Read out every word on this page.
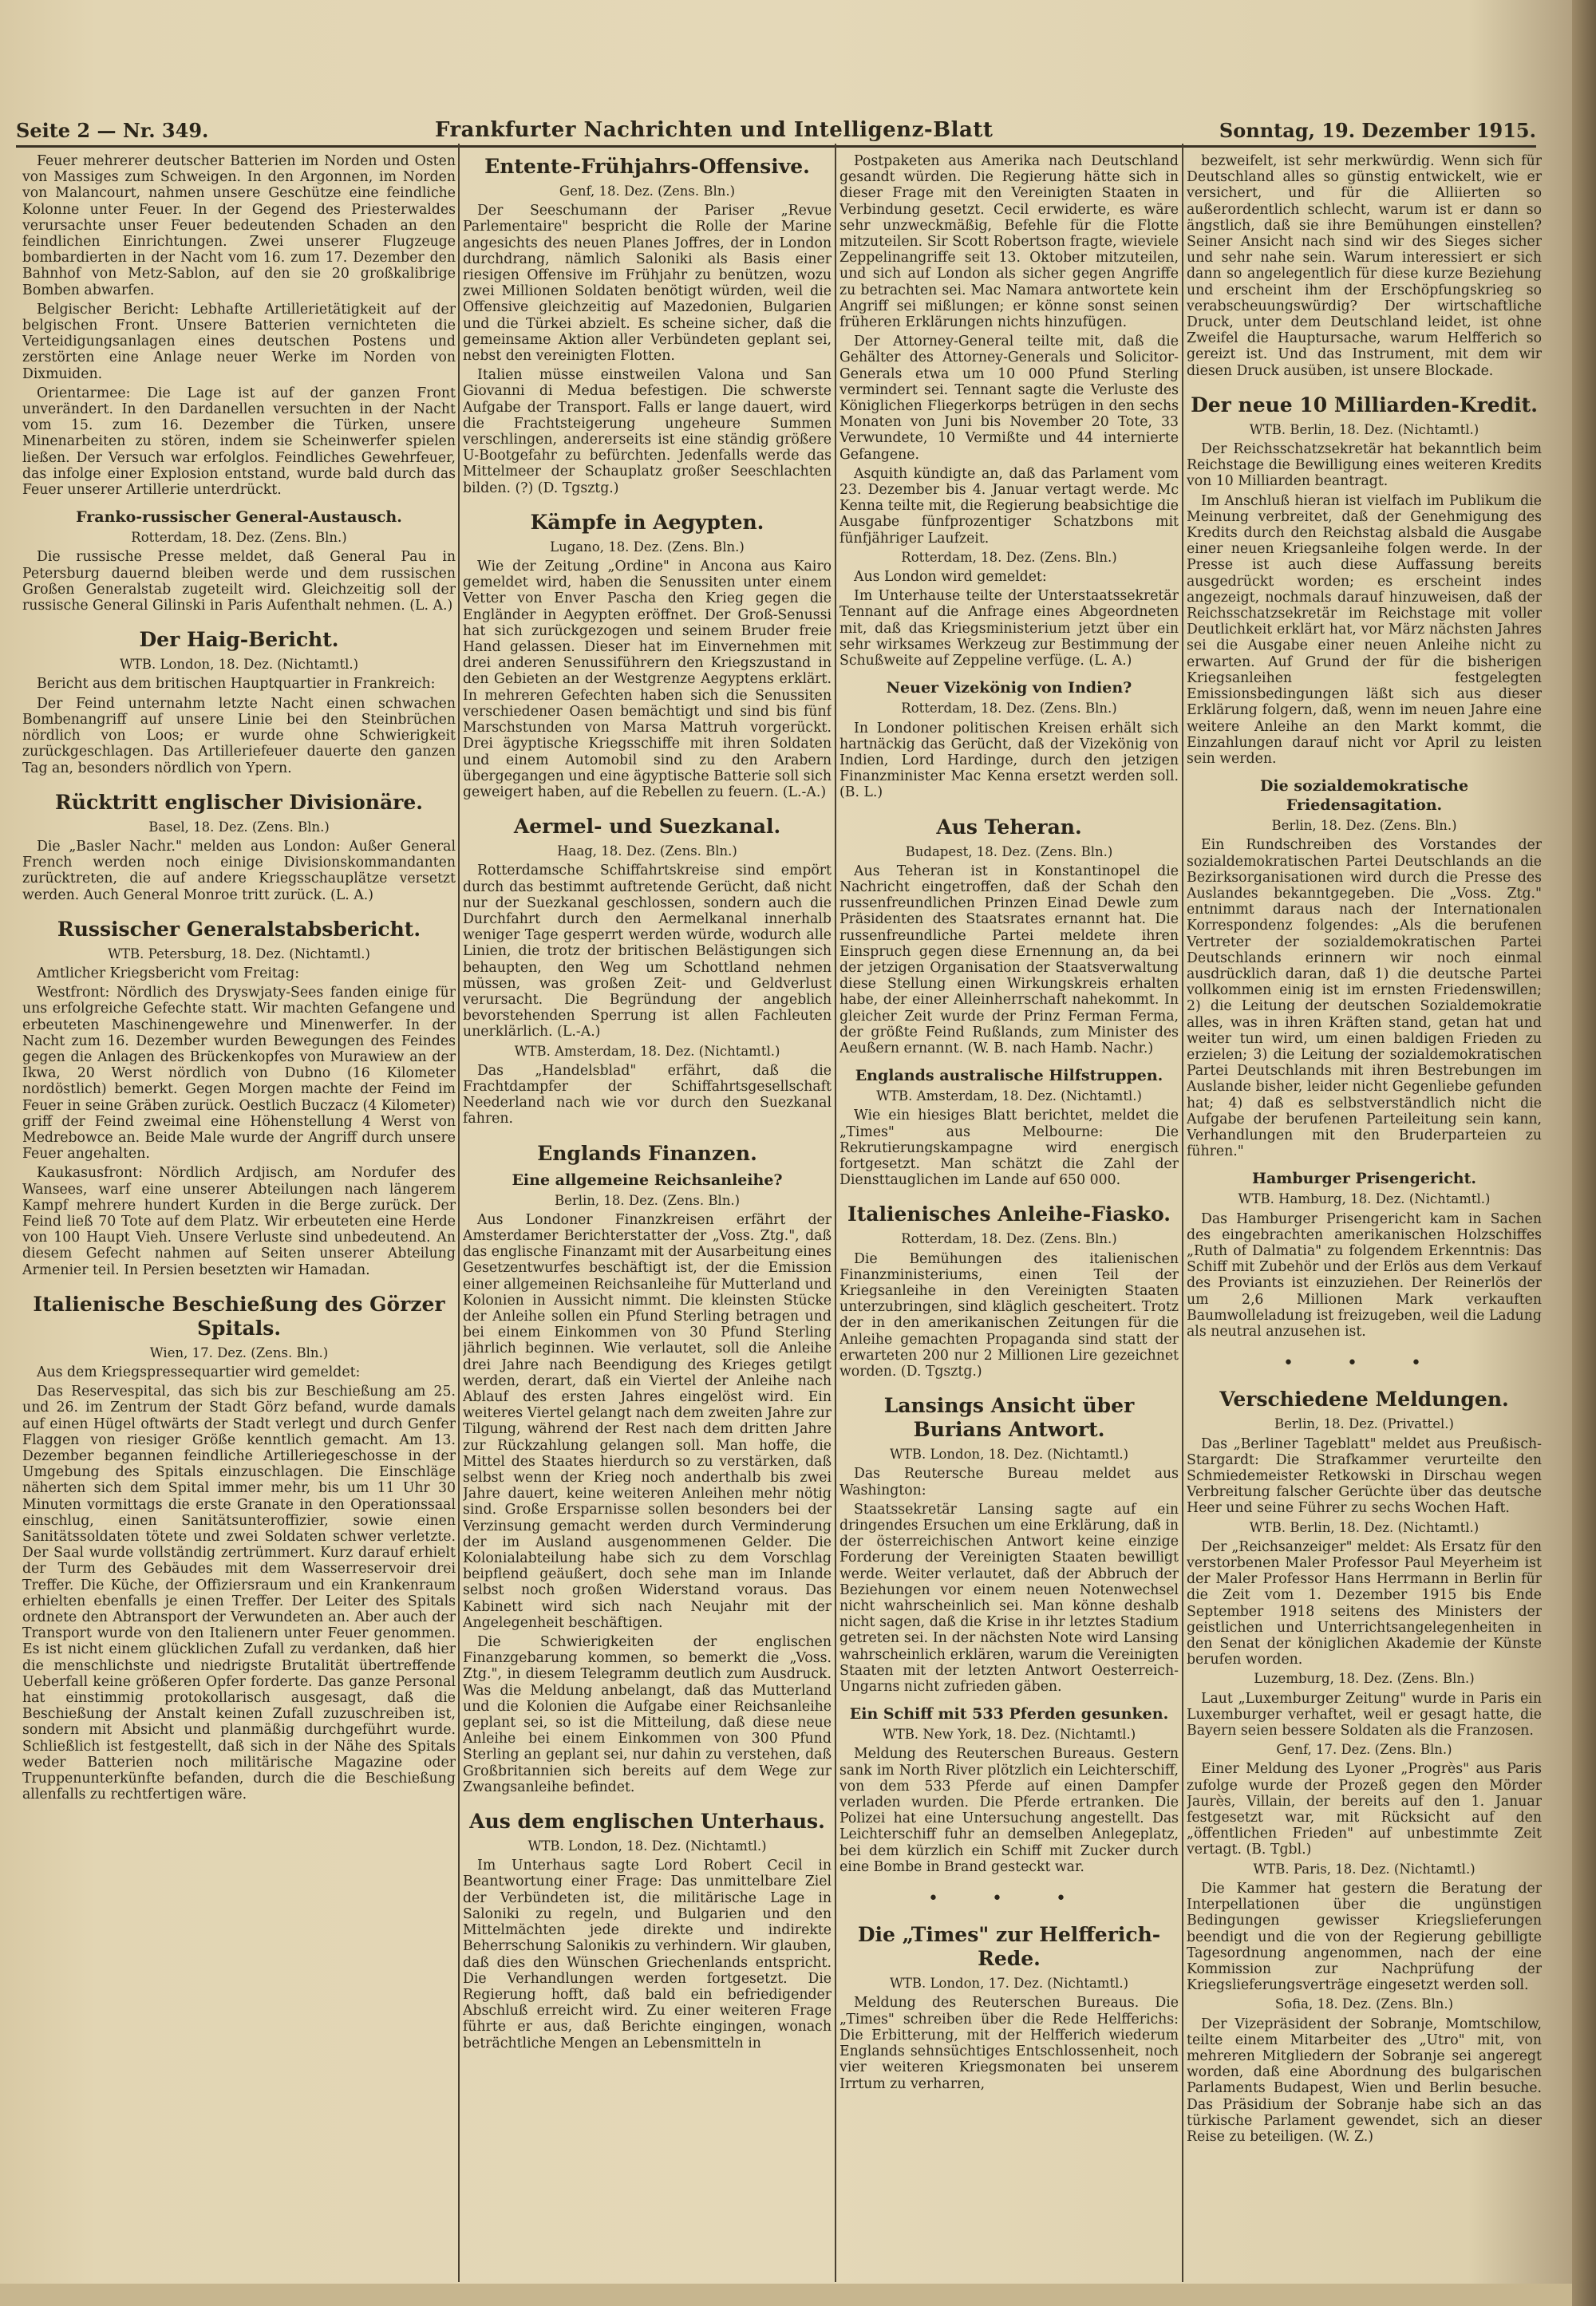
Seite 2 — Nr. 349.	Frankfurter Nachrichten und Intelligenz-Blatt	Sonntag, 19. Dezember 1915.

Feuer mehrerer deutscher Batterien im Norden und Osten von Massiges zum Schweigen. In den Argonnen, im Norden von Malancourt, nahmen unsere Geschütze eine feindliche Kolonne unter Feuer. In der Gegend des Priesterwaldes verursachte unser Feuer bedeutenden Schaden an den feindlichen Einrichtungen. Zwei unserer Flugzeuge bombardierten in der Nacht vom 16. zum 17. Dezember den Bahnhof von Metz-Sablon, auf den sie 20 großkalibrige Bomben abwarfen.

Belgischer Bericht: Lebhafte Artillerietätigkeit auf der belgischen Front. Unsere Batterien vernichteten die Verteidigungsanlagen eines deutschen Postens und zerstörten eine Anlage neuer Werke im Norden von Dixmuiden.

Orientarmee: Die Lage ist auf der ganzen Front unverändert. In den Dardanellen versuchten in der Nacht vom 15. zum 16. Dezember die Türken, unsere Minenarbeiten zu stören, indem sie Scheinwerfer spielen ließen. Der Versuch war erfolglos. Feindliches Gewehrfeuer, das infolge einer Explosion entstand, wurde bald durch das Feuer unserer Artillerie unterdrückt.

Franko-russischer General-Austausch.

Rotterdam, 18. Dez. (Zens. Bln.)

Die russische Presse meldet, daß General Pau in Petersburg dauernd bleiben werde und dem russischen Großen Generalstab zugeteilt wird. Gleichzeitig soll der russische General Gilinski in Paris Aufenthalt nehmen. (L. A.)

Der Haig-Bericht.

WTB. London, 18. Dez. (Nichtamtl.)

Bericht aus dem britischen Hauptquartier in Frankreich:

Der Feind unternahm letzte Nacht einen schwachen Bombenangriff auf unsere Linie bei den Steinbrüchen nördlich von Loos; er wurde ohne Schwierigkeit zurückgeschlagen. Das Artilleriefeuer dauerte den ganzen Tag an, besonders nördlich von Ypern.

Rücktritt englischer Divisionäre.

Basel, 18. Dez. (Zens. Bln.)

Die „Basler Nachr." melden aus London: Außer General French werden noch einige Divisionskommandanten zurücktreten, die auf andere Kriegsschauplätze versetzt werden. Auch General Monroe tritt zurück. (L. A.)

Russischer Generalstabsbericht.

WTB. Petersburg, 18. Dez. (Nichtamtl.)

Amtlicher Kriegsbericht vom Freitag:

Westfront: Nördlich des Dryswjaty-Sees fanden einige für uns erfolgreiche Gefechte statt. Wir machten Gefangene und erbeuteten Maschinengewehre und Minenwerfer. In der Nacht zum 16. Dezember wurden Bewegungen des Feindes gegen die Anlagen des Brückenkopfes von Murawiew an der Ikwa, 20 Werst nördlich von Dubno (16 Kilometer nordöstlich) bemerkt. Gegen Morgen machte der Feind im Feuer in seine Gräben zurück. Oestlich Buczacz (4 Kilometer) griff der Feind zweimal eine Höhenstellung 4 Werst von Medrebowce an. Beide Male wurde der Angriff durch unsere Feuer angehalten.

Kaukasusfront: Nördlich Ardjisch, am Nordufer des Wansees, warf eine unserer Abteilungen nach längerem Kampf mehrere hundert Kurden in die Berge zurück. Der Feind ließ 70 Tote auf dem Platz. Wir erbeuteten eine Herde von 100 Haupt Vieh. Unsere Verluste sind unbedeutend. An diesem Gefecht nahmen auf Seiten unserer Abteilung Armenier teil. In Persien besetzten wir Hamadan.

Italienische Beschießung des Görzer Spitals.

Wien, 17. Dez. (Zens. Bln.)

Aus dem Kriegspressequartier wird gemeldet:

Das Reservespital, das sich bis zur Beschießung am 25. und 26. im Zentrum der Stadt Görz befand, wurde damals auf einen Hügel oftwärts der Stadt verlegt und durch Genfer Flaggen von riesiger Größe kenntlich gemacht. Am 13. Dezember begannen feindliche Artilleriegeschosse in der Umgebung des Spitals einzuschlagen. Die Einschläge näherten sich dem Spital immer mehr, bis um 11 Uhr 30 Minuten vormittags die erste Granate in den Operationssaal einschlug, einen Sanitätsunteroffizier, sowie einen Sanitätssoldaten tötete und zwei Soldaten schwer verletzte. Der Saal wurde vollständig zertrümmert. Kurz darauf erhielt der Turm des Gebäudes mit dem Wasserreservoir drei Treffer. Die Küche, der Offiziersraum und ein Krankenraum erhielten ebenfalls je einen Treffer. Der Leiter des Spitals ordnete den Abtransport der Verwundeten an. Aber auch der Transport wurde von den Italienern unter Feuer genommen. Es ist nicht einem glücklichen Zufall zu verdanken, daß hier die menschlichste und niedrigste Brutalität übertreffende Ueberfall keine größeren Opfer forderte. Das ganze Personal hat einstimmig protokollarisch ausgesagt, daß die Beschießung der Anstalt keinen Zufall zuzuschreiben ist, sondern mit Absicht und planmäßig durchgeführt wurde. Schließlich ist festgestellt, daß sich in der Nähe des Spitals weder Batterien noch militärische Magazine oder Truppenunterkünfte befanden, durch die die Beschießung allenfalls zu rechtfertigen wäre.

Entente-Frühjahrs-Offensive.

Genf, 18. Dez. (Zens. Bln.)

Der Seeschumann der Pariser „Revue Parlementaire" bespricht die Rolle der Marine angesichts des neuen Planes Joffres, der in London durchdrang, nämlich Saloniki als Basis einer riesigen Offensive im Frühjahr zu benützen, wozu zwei Millionen Soldaten benötigt würden, weil die Offensive gleichzeitig auf Mazedonien, Bulgarien und die Türkei abzielt. Es scheine sicher, daß die gemeinsame Aktion aller Verbündeten geplant sei, nebst den vereinigten Flotten.

Italien müsse einstweilen Valona und San Giovanni di Medua befestigen. Die schwerste Aufgabe der Transport. Falls er lange dauert, wird die Frachtsteigerung ungeheure Summen verschlingen, andererseits ist eine ständig größere U-Bootgefahr zu befürchten. Jedenfalls werde das Mittelmeer der Schauplatz großer Seeschlachten bilden. (?) (D. Tgsztg.)

Kämpfe in Aegypten.

Lugano, 18. Dez. (Zens. Bln.)

Wie der Zeitung „Ordine" in Ancona aus Kairo gemeldet wird, haben die Senussiten unter einem Vetter von Enver Pascha den Krieg gegen die Engländer in Aegypten eröffnet. Der Groß-Senussi hat sich zurückgezogen und seinem Bruder freie Hand gelassen. Dieser hat im Einvernehmen mit drei anderen Senussiführern den Kriegszustand in den Gebieten an der Westgrenze Aegyptens erklärt. In mehreren Gefechten haben sich die Senussiten verschiedener Oasen bemächtigt und sind bis fünf Marschstunden von Marsa Mattruh vorgerückt. Drei ägyptische Kriegsschiffe mit ihren Soldaten und einem Automobil sind zu den Arabern übergegangen und eine ägyptische Batterie soll sich geweigert haben, auf die Rebellen zu feuern. (L.-A.)

Aermel- und Suezkanal.

Haag, 18. Dez. (Zens. Bln.)

Rotterdamsche Schiffahrtskreise sind empört durch das bestimmt auftretende Gerücht, daß nicht nur der Suezkanal geschlossen, sondern auch die Durchfahrt durch den Aermelkanal innerhalb weniger Tage gesperrt werden würde, wodurch alle Linien, die trotz der britischen Belästigungen sich behaupten, den Weg um Schottland nehmen müssen, was großen Zeit- und Geldverlust verursacht. Die Begründung der angeblich bevorstehenden Sperrung ist allen Fachleuten unerklärlich. (L.-A.)

WTB. Amsterdam, 18. Dez. (Nichtamtl.)

Das „Handelsblad" erfährt, daß die Frachtdampfer der Schiffahrtsgesellschaft Neederland nach wie vor durch den Suezkanal fahren.

Englands Finanzen.
Eine allgemeine Reichsanleihe?

Berlin, 18. Dez. (Zens. Bln.)

Aus Londoner Finanzkreisen erfährt der Amsterdamer Berichterstatter der „Voss. Ztg.", daß das englische Finanzamt mit der Ausarbeitung eines Gesetzentwurfes beschäftigt ist, der die Emission einer allgemeinen Reichsanleihe für Mutterland und Kolonien in Aussicht nimmt. Die kleinsten Stücke der Anleihe sollen ein Pfund Sterling betragen und bei einem Einkommen von 30 Pfund Sterling jährlich beginnen. Wie verlautet, soll die Anleihe drei Jahre nach Beendigung des Krieges getilgt werden, derart, daß ein Viertel der Anleihe nach Ablauf des ersten Jahres eingelöst wird. Ein weiteres Viertel gelangt nach dem zweiten Jahre zur Tilgung, während der Rest nach dem dritten Jahre zur Rückzahlung gelangen soll. Man hoffe, die Mittel des Staates hierdurch so zu verstärken, daß selbst wenn der Krieg noch anderthalb bis zwei Jahre dauert, keine weiteren Anleihen mehr nötig sind. Große Ersparnisse sollen besonders bei der Verzinsung gemacht werden durch Verminderung der im Ausland ausgenommenen Gelder. Die Kolonialabteilung habe sich zu dem Vorschlag beipflend geäußert, doch sehe man im Inlande selbst noch großen Widerstand voraus. Das Kabinett wird sich nach Neujahr mit der Angelegenheit beschäftigen.

Die Schwierigkeiten der englischen Finanzgebarung kommen, so bemerkt die „Voss. Ztg.", in diesem Telegramm deutlich zum Ausdruck. Was die Meldung anbelangt, daß das Mutterland und die Kolonien die Aufgabe einer Reichsanleihe geplant sei, so ist die Mitteilung, daß diese neue Anleihe bei einem Einkommen von 300 Pfund Sterling an geplant sei, nur dahin zu verstehen, daß Großbritannien sich bereits auf dem Wege zur Zwangsanleihe befindet.

Aus dem englischen Unterhaus.

WTB. London, 18. Dez. (Nichtamtl.)

Im Unterhaus sagte Lord Robert Cecil in Beantwortung einer Frage: Das unmittelbare Ziel der Verbündeten ist, die militärische Lage in Saloniki zu regeln, und Bulgarien und den Mittelmächten jede direkte und indirekte Beherrschung Salonikis zu verhindern. Wir glauben, daß dies den Wünschen Griechenlands entspricht. Die Verhandlungen werden fortgesetzt. Die Regierung hofft, daß bald ein befriedigender Abschluß erreicht wird. Zu einer weiteren Frage führte er aus, daß Berichte eingingen, wonach beträchtliche Mengen an Lebensmitteln in

Postpaketen aus Amerika nach Deutschland gesandt würden. Die Regierung hätte sich in dieser Frage mit den Vereinigten Staaten in Verbindung gesetzt. Cecil erwiderte, es wäre sehr unzweckmäßig, Befehle für die Flotte mitzuteilen. Sir Scott Robertson fragte, wieviele Zeppelinangriffe seit 13. Oktober mitzuteilen, und sich auf London als sicher gegen Angriffe zu betrachten sei. Mac Namara antwortete kein Angriff sei mißlungen; er könne sonst seinen früheren Erklärungen nichts hinzufügen.

Der Attorney-General teilte mit, daß die Gehälter des Attorney-Generals und Solicitor-Generals etwa um 10 000 Pfund Sterling vermindert sei. Tennant sagte die Verluste des Königlichen Fliegerkorps betrügen in den sechs Monaten von Juni bis November 20 Tote, 33 Verwundete, 10 Vermißte und 44 internierte Gefangene.

Asquith kündigte an, daß das Parlament vom 23. Dezember bis 4. Januar vertagt werde. Mc Kenna teilte mit, die Regierung beabsichtige die Ausgabe fünfprozentiger Schatzbons mit fünfjähriger Laufzeit.

Rotterdam, 18. Dez. (Zens. Bln.)

Aus London wird gemeldet:

Im Unterhause teilte der Unterstaatssekretär Tennant auf die Anfrage eines Abgeordneten mit, daß das Kriegsministerium jetzt über ein sehr wirksames Werkzeug zur Bestimmung der Schußweite auf Zeppeline verfüge. (L. A.)

Neuer Vizekönig von Indien?

Rotterdam, 18. Dez. (Zens. Bln.)

In Londoner politischen Kreisen erhält sich hartnäckig das Gerücht, daß der Vizekönig von Indien, Lord Hardinge, durch den jetzigen Finanzminister Mac Kenna ersetzt werden soll. (B. L.)

Aus Teheran.

Budapest, 18. Dez. (Zens. Bln.)

Aus Teheran ist in Konstantinopel die Nachricht eingetroffen, daß der Schah den russenfreundlichen Prinzen Einad Dewle zum Präsidenten des Staatsrates ernannt hat. Die russenfreundliche Partei meldete ihren Einspruch gegen diese Ernennung an, da bei der jetzigen Organisation der Staatsverwaltung diese Stellung einen Wirkungskreis erhalten habe, der einer Alleinherrschaft nahekommt. In gleicher Zeit wurde der Prinz Ferman Ferma, der größte Feind Rußlands, zum Minister des Aeußern ernannt. (W. B. nach Hamb. Nachr.)

Englands australische Hilfstruppen.

WTB. Amsterdam, 18. Dez. (Nichtamtl.)

Wie ein hiesiges Blatt berichtet, meldet die „Times" aus Melbourne: Die Rekrutierungskampagne wird energisch fortgesetzt. Man schätzt die Zahl der Diensttauglichen im Lande auf 650 000.

Italienisches Anleihe-Fiasko.

Rotterdam, 18. Dez. (Zens. Bln.)

Die Bemühungen des italienischen Finanzministeriums, einen Teil der Kriegsanleihe in den Vereinigten Staaten unterzubringen, sind kläglich gescheitert. Trotz der in den amerikanischen Zeitungen für die Anleihe gemachten Propaganda sind statt der erwarteten 200 nur 2 Millionen Lire gezeichnet worden. (D. Tgsztg.)

Lansings Ansicht über Burians Antwort.

WTB. London, 18. Dez. (Nichtamtl.)

Das Reutersche Bureau meldet aus Washington:

Staatssekretär Lansing sagte auf ein dringendes Ersuchen um eine Erklärung, daß in der österreichischen Antwort keine einzige Forderung der Vereinigten Staaten bewilligt werde. Weiter verlautet, daß der Abbruch der Beziehungen vor einem neuen Notenwechsel nicht wahrscheinlich sei. Man könne deshalb nicht sagen, daß die Krise in ihr letztes Stadium getreten sei. In der nächsten Note wird Lansing wahrscheinlich erklären, warum die Vereinigten Staaten mit der letzten Antwort Oesterreich-Ungarns nicht zufrieden gäben.

Ein Schiff mit 533 Pferden gesunken.

WTB. New York, 18. Dez. (Nichtamtl.)

Meldung des Reuterschen Bureaus. Gestern sank im North River plötzlich ein Leichterschiff, von dem 533 Pferde auf einen Dampfer verladen wurden. Die Pferde ertranken. Die Polizei hat eine Untersuchung angestellt. Das Leichterschiff fuhr an demselben Anlegeplatz, bei dem kürzlich ein Schiff mit Zucker durch eine Bombe in Brand gesteckt war.

• • •
Die „Times" zur Helfferich-Rede.

WTB. London, 17. Dez. (Nichtamtl.)

Meldung des Reuterschen Bureaus. Die „Times" schreiben über die Rede Helfferichs: Die Erbitterung, mit der Helfferich wiederum Englands sehnsüchtiges Entschlossenheit, noch vier weiteren Kriegsmonaten bei unserem Irrtum zu verharren,

bezweifelt, ist sehr merkwürdig. Wenn sich für Deutschland alles so günstig entwickelt, wie er versichert, und für die Alliierten so außerordentlich schlecht, warum ist er dann so ängstlich, daß sie ihre Bemühungen einstellen? Seiner Ansicht nach sind wir des Sieges sicher und sehr nahe sein. Warum interessiert er sich dann so angelegentlich für diese kurze Beziehung und erscheint ihm der Erschöpfungskrieg so verabscheuungswürdig? Der wirtschaftliche Druck, unter dem Deutschland leidet, ist ohne Zweifel die Hauptursache, warum Helfferich so gereizt ist. Und das Instrument, mit dem wir diesen Druck ausüben, ist unsere Blockade.

Der neue 10 Milliarden-Kredit.

WTB. Berlin, 18. Dez. (Nichtamtl.)

Der Reichsschatzsekretär hat bekanntlich beim Reichstage die Bewilligung eines weiteren Kredits von 10 Milliarden beantragt.

Im Anschluß hieran ist vielfach im Publikum die Meinung verbreitet, daß der Genehmigung des Kredits durch den Reichstag alsbald die Ausgabe einer neuen Kriegsanleihe folgen werde. In der Presse ist auch diese Auffassung bereits ausgedrückt worden; es erscheint indes angezeigt, nochmals darauf hinzuweisen, daß der Reichsschatzsekretär im Reichstage mit voller Deutlichkeit erklärt hat, vor März nächsten Jahres sei die Ausgabe einer neuen Anleihe nicht zu erwarten. Auf Grund der für die bisherigen Kriegsanleihen festgelegten Emissionsbedingungen läßt sich aus dieser Erklärung folgern, daß, wenn im neuen Jahre eine weitere Anleihe an den Markt kommt, die Einzahlungen darauf nicht vor April zu leisten sein werden.

Die sozialdemokratische Friedensagitation.

Berlin, 18. Dez. (Zens. Bln.)

Ein Rundschreiben des Vorstandes der sozialdemokratischen Partei Deutschlands an die Bezirksorganisationen wird durch die Presse des Auslandes bekanntgegeben. Die „Voss. Ztg." entnimmt daraus nach der Internationalen Korrespondenz folgendes: „Als die berufenen Vertreter der sozialdemokratischen Partei Deutschlands erinnern wir noch einmal ausdrücklich daran, daß 1) die deutsche Partei vollkommen einig ist im ernsten Friedenswillen; 2) die Leitung der deutschen Sozialdemokratie alles, was in ihren Kräften stand, getan hat und weiter tun wird, um einen baldigen Frieden zu erzielen; 3) die Leitung der sozialdemokratischen Partei Deutschlands mit ihren Bestrebungen im Auslande bisher, leider nicht Gegenliebe gefunden hat; 4) daß es selbstverständlich nicht die Aufgabe der berufenen Parteileitung sein kann, Verhandlungen mit den Bruderparteien zu führen."

Hamburger Prisengericht.

WTB. Hamburg, 18. Dez. (Nichtamtl.)

Das Hamburger Prisengericht kam in Sachen des eingebrachten amerikanischen Holzschiffes „Ruth of Dalmatia" zu folgendem Erkenntnis: Das Schiff mit Zubehör und der Erlös aus dem Verkauf des Proviants ist einzuziehen. Der Reinerlös der um 2,6 Millionen Mark verkauften Baumwolleladung ist freizugeben, weil die Ladung als neutral anzusehen ist.

• • •
Verschiedene Meldungen.

Berlin, 18. Dez. (Privattel.)

Das „Berliner Tageblatt" meldet aus Preußisch-Stargardt: Die Strafkammer verurteilte den Schmiedemeister Retkowski in Dirschau wegen Verbreitung falscher Gerüchte über das deutsche Heer und seine Führer zu sechs Wochen Haft.

WTB. Berlin, 18. Dez. (Nichtamtl.)

Der „Reichsanzeiger" meldet: Als Ersatz für den verstorbenen Maler Professor Paul Meyerheim ist der Maler Professor Hans Herrmann in Berlin für die Zeit vom 1. Dezember 1915 bis Ende September 1918 seitens des Ministers der geistlichen und Unterrichtsangelegenheiten in den Senat der königlichen Akademie der Künste berufen worden.

Luzemburg, 18. Dez. (Zens. Bln.)

Laut „Luxemburger Zeitung" wurde in Paris ein Luxemburger verhaftet, weil er gesagt hatte, die Bayern seien bessere Soldaten als die Franzosen.

Genf, 17. Dez. (Zens. Bln.)

Einer Meldung des Lyoner „Progrès" aus Paris zufolge wurde der Prozeß gegen den Mörder Jaurès, Villain, der bereits auf den 1. Januar festgesetzt war, mit Rücksicht auf den „öffentlichen Frieden" auf unbestimmte Zeit vertagt. (B. Tgbl.)

WTB. Paris, 18. Dez. (Nichtamtl.)

Die Kammer hat gestern die Beratung der Interpellationen über die ungünstigen Bedingungen gewisser Kriegslieferungen beendigt und die von der Regierung gebilligte Tagesordnung angenommen, nach der eine Kommission zur Nachprüfung der Kriegslieferungsverträge eingesetzt werden soll.

Sofia, 18. Dez. (Zens. Bln.)

Der Vizepräsident der Sobranje, Momtschilow, teilte einem Mitarbeiter des „Utro" mit, von mehreren Mitgliedern der Sobranje sei angeregt worden, daß eine Abordnung des bulgarischen Parlaments Budapest, Wien und Berlin besuche. Das Präsidium der Sobranje habe sich an das türkische Parlament gewendet, sich an dieser Reise zu beteiligen. (W. Z.)
